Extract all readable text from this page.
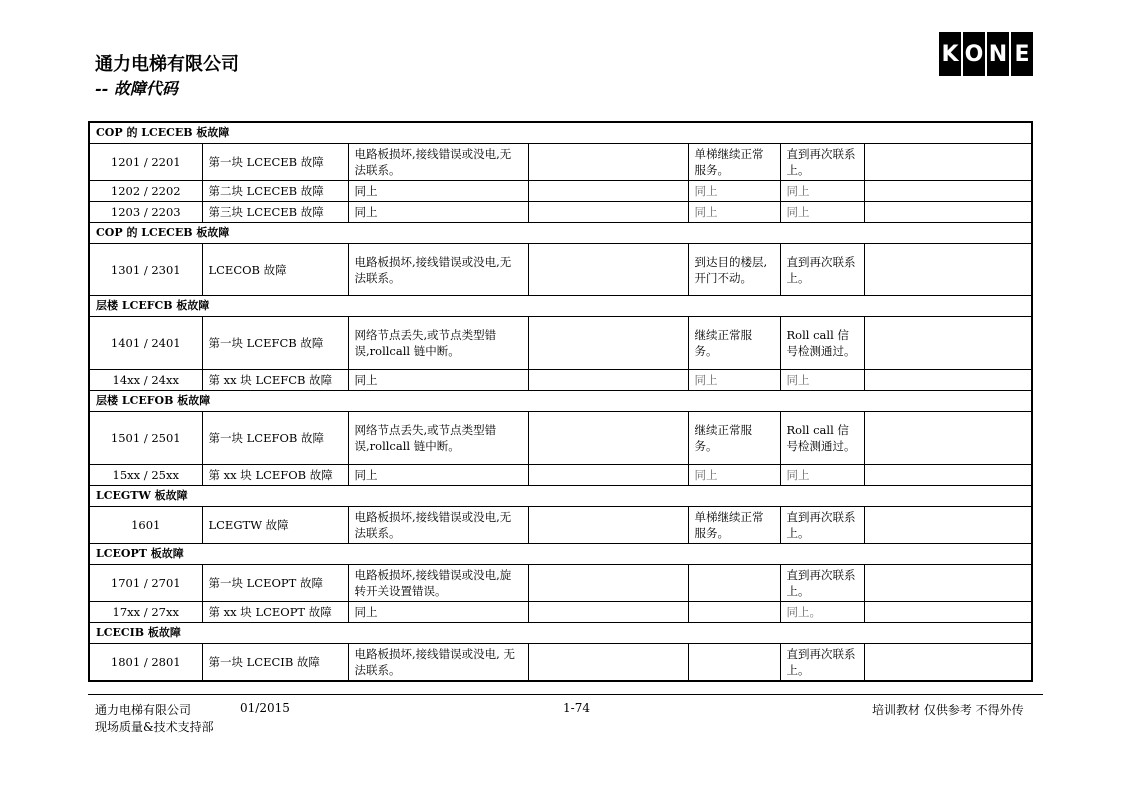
通力电梯有限公司
-- 故障代码
K O N E
COP 的 LCECEB 板故障						
1201 / 2201	第一块 LCECEB 故障	电路板损坏,接线错误或没电,无法联系。		单梯继续正常服务。	直到再次联系上。	
1202 / 2202	第二块 LCECEB 故障	同上		同上	同上	
1203 / 2203	第三块 LCECEB 故障	同上		同上	同上	
COP 的 LCECEB 板故障						
1301 / 2301	LCECOB 故障	电路板损坏,接线错误或没电,无法联系。		到达目的楼层, 开门不动。	直到再次联系上。	
层楼 LCEFCB 板故障						
1401 / 2401	第一块 LCEFCB 故障	网络节点丢失,或节点类型错误,rollcall 链中断。		继续正常服务。	Roll call 信号检测通过。	
14xx / 24xx	第 xx 块 LCEFCB 故障	同上		同上	同上	
层楼 LCEFOB 板故障						
1501 / 2501	第一块 LCEFOB 故障	网络节点丢失,或节点类型错误,rollcall 链中断。		继续正常服务。	Roll call 信号检测通过。	
15xx / 25xx	第 xx 块 LCEFOB 故障	同上		同上	同上	
LCEGTW 板故障						
1601	LCEGTW 故障	电路板损坏,接线错误或没电,无法联系。		单梯继续正常服务。	直到再次联系上。	
LCEOPT 板故障						
1701 / 2701	第一块 LCEOPT 故障	电路板损坏,接线错误或没电,旋转开关设置错误。			直到再次联系上。	
17xx / 27xx	第 xx 块 LCEOPT 故障	同上			同上。	
LCECIB 板故障						
1801 / 2801	第一块 LCECIB 故障	电路板损坏,接线错误或没电, 无法联系。			直到再次联系上。	
通力电梯有限公司	01/2015
现场质量&技术支持部
1-74	培训教材 仅供参考 不得外传
